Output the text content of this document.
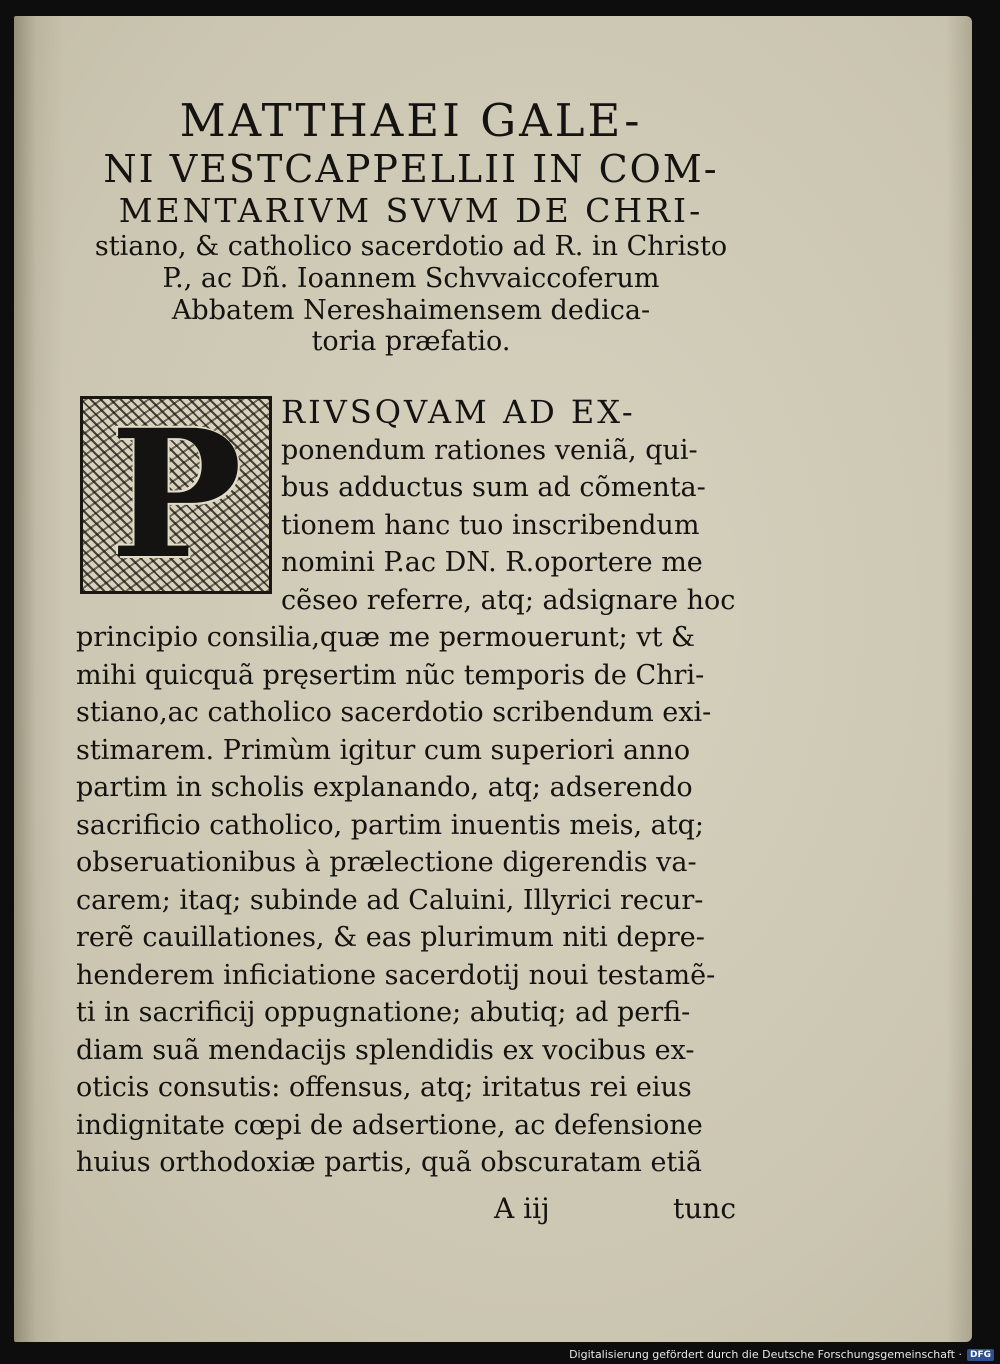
MATTHAEI GALE-
NI VESTCAPPELLII IN COM-
MENTARIVM SVVM DE CHRI-

stiano, & catholico sacerdotio ad R. in Christo

P., ac Dñ. Ioannem Schvvaiccoferum

Abbatem Nereshaimensem dedica-

toria præfatio.

P	RIVSQVAM AD EX-
ponendum rationes veniã, qui-
bus adductus sum ad cõmenta-
tionem hanc tuo inscribendum
nomini P.ac DN. R.oportere me
cẽseo referre, atq; adsignare hoc
principio consilia,quæ me permouerunt; vt &
mihi quicquã pręsertim nũc temporis de Chri-
stiano,ac catholico sacerdotio scribendum exi-
stimarem. Primùm igitur cum superiori anno
partim in scholis explanando, atq; adserendo
sacrificio catholico, partim inuentis meis, atq;
obseruationibus à prælectione digerendis va-
carem; itaq; subinde ad Caluini, Illyrici recur-
rerẽ cauillationes, & eas plurimum niti depre-
henderem inficiatione sacerdotij noui testamẽ-
ti in sacrificij oppugnatione; abutiq; ad perfi-
diam suã mendacijs splendidis ex vocibus ex-
oticis consutis: offensus, atq; iritatus rei eius
indignitate cœpi de adsertione, ac defensione
huius orthodoxiæ partis, quã obscuratam etiã
A iij	tunc
Digitalisierung gefördert durch die Deutsche Forschungsgemeinschaft · DFG
